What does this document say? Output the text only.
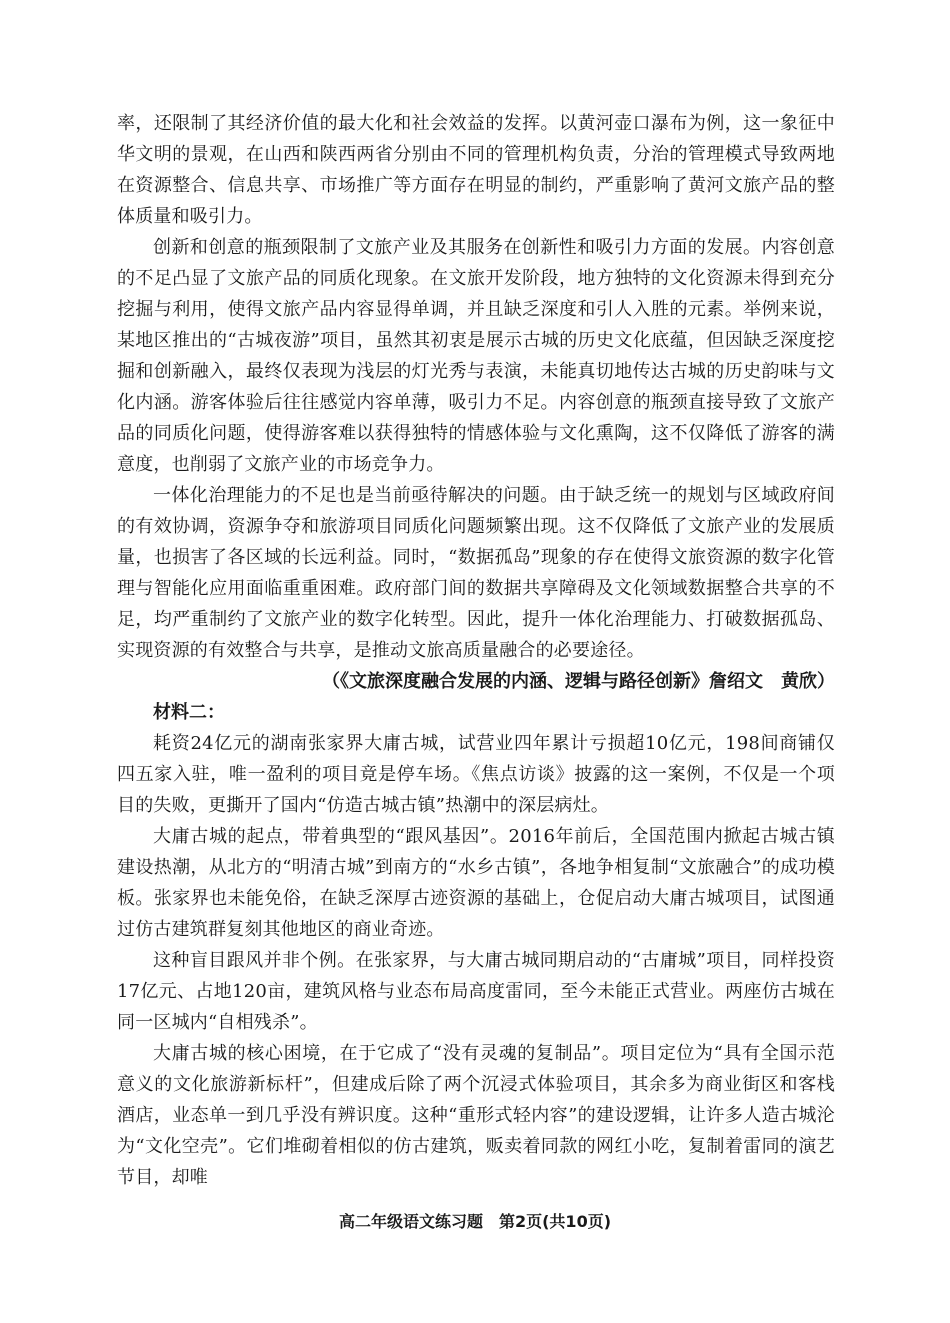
率，还限制了其经济价值的最大化和社会效益的发挥。以黄河壶口瀑布为例，这一象征中华文明的景观，在山西和陕西两省分别由不同的管理机构负责，分治的管理模式导致两地在资源整合、信息共享、市场推广等方面存在明显的制约，严重影响了黄河文旅产品的整体质量和吸引力。

创新和创意的瓶颈限制了文旅产业及其服务在创新性和吸引力方面的发展。内容创意的不足凸显了文旅产品的同质化现象。在文旅开发阶段，地方独特的文化资源未得到充分挖掘与利用，使得文旅产品内容显得单调，并且缺乏深度和引人入胜的元素。举例来说，某地区推出的“古城夜游”项目，虽然其初衷是展示古城的历史文化底蕴，但因缺乏深度挖掘和创新融入，最终仅表现为浅层的灯光秀与表演，未能真切地传达古城的历史韵味与文化内涵。游客体验后往往感觉内容单薄，吸引力不足。内容创意的瓶颈直接导致了文旅产品的同质化问题，使得游客难以获得独特的情感体验与文化熏陶，这不仅降低了游客的满意度，也削弱了文旅产业的市场竞争力。

一体化治理能力的不足也是当前亟待解决的问题。由于缺乏统一的规划与区域政府间的有效协调，资源争夺和旅游项目同质化问题频繁出现。这不仅降低了文旅产业的发展质量，也损害了各区域的长远利益。同时，“数据孤岛”现象的存在使得文旅资源的数字化管理与智能化应用面临重重困难。政府部门间的数据共享障碍及文化领域数据整合共享的不足，均严重制约了文旅产业的数字化转型。因此，提升一体化治理能力、打破数据孤岛、实现资源的有效整合与共享，是推动文旅高质量融合的必要途径。

（《文旅深度融合发展的内涵、逻辑与路径创新》詹绍文　黄欣）

材料二：

耗资24亿元的湖南张家界大庸古城，试营业四年累计亏损超10亿元，198间商铺仅四五家入驻，唯一盈利的项目竟是停车场。《焦点访谈》披露的这一案例，不仅是一个项目的失败，更撕开了国内“仿造古城古镇”热潮中的深层病灶。

大庸古城的起点，带着典型的“跟风基因”。2016年前后，全国范围内掀起古城古镇建设热潮，从北方的“明清古城”到南方的“水乡古镇”，各地争相复制“文旅融合”的成功模板。张家界也未能免俗，在缺乏深厚古迹资源的基础上，仓促启动大庸古城项目，试图通过仿古建筑群复刻其他地区的商业奇迹。

这种盲目跟风并非个例。在张家界，与大庸古城同期启动的“古庸城”项目，同样投资17亿元、占地120亩，建筑风格与业态布局高度雷同，至今未能正式营业。两座仿古城在同一区城内“自相残杀”。

大庸古城的核心困境，在于它成了“没有灵魂的复制品”。项目定位为“具有全国示范意义的文化旅游新标杆”，但建成后除了两个沉浸式体验项目，其余多为商业街区和客栈酒店，业态单一到几乎没有辨识度。这种“重形式轻内容”的建设逻辑，让许多人造古城沦为“文化空壳”。它们堆砌着相似的仿古建筑，贩卖着同款的网红小吃，复制着雷同的演艺节目，却唯

高二年级语文练习题　第2页(共10页)
